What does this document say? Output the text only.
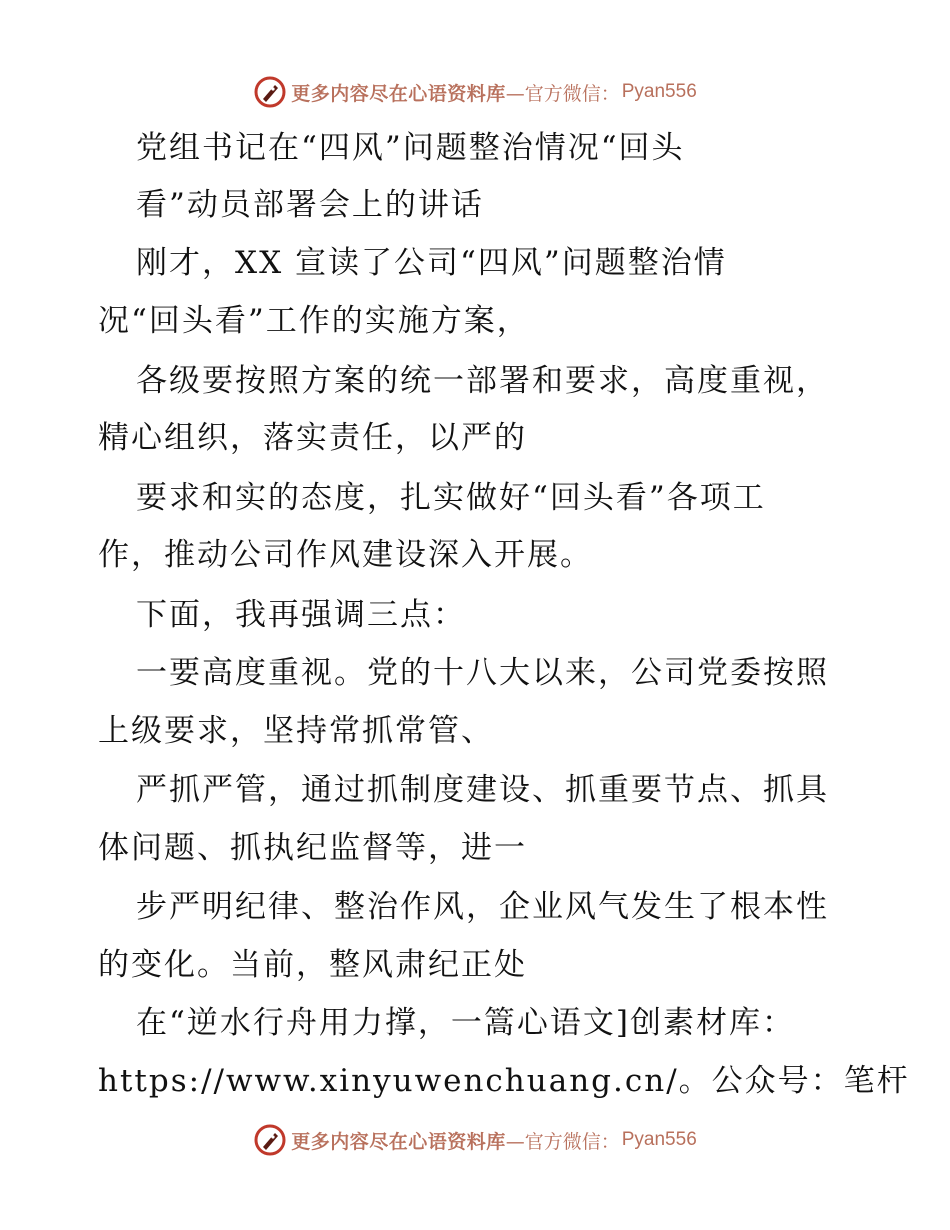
更多内容尽在心语资料库 —官方微信： Pyan556
党组书记在“四风”问题整治情况“回头
看”动员部署会上的讲话
刚才，XX 宣读了公司“四风”问题整治情
况“回头看”工作的实施方案，
各级要按照方案的统一部署和要求，高度重视，
精心组织，落实责任，以严的
要求和实的态度，扎实做好“回头看”各项工
作，推动公司作风建设深入开展。
下面，我再强调三点：
一要高度重视。党的十八大以来，公司党委按照
上级要求，坚持常抓常管、
严抓严管，通过抓制度建设、抓重要节点、抓具
体问题、抓执纪监督等，进一
步严明纪律、整治作风，企业风气发生了根本性
的变化。当前，整风肃纪正处
在“逆水行舟用力撑，一篙心语文]创素材库：
https://www.xinyuwenchuang.cn/。公众号：笔杆
更多内容尽在心语资料库 —官方微信： Pyan556
